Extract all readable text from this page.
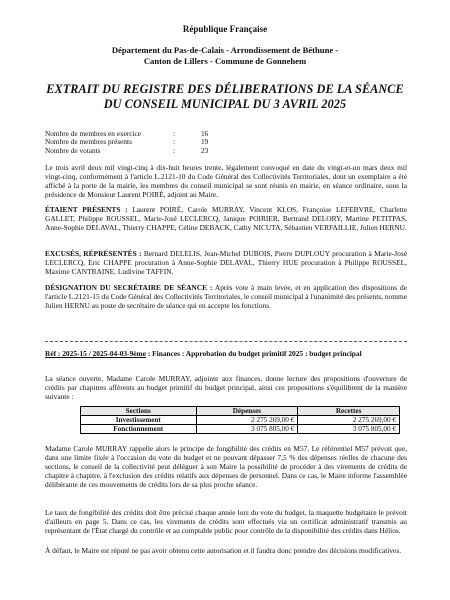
République Française
Département du Pas-de-Calais - Arrondissement de Béthune -
Canton de Lillers - Commune de Gonnehem
EXTRAIT DU REGISTRE DES DÉLIBERATIONS DE LA SÉANCE
DU CONSEIL MUNICIPAL DU 3 AVRIL 2025
Nombre de membres en exercice	:	16
Nombre de membres présents	:	19
Nombre de votants	:	23
Le trois avril deux mil vingt-cinq à dix-huit heures trente, légalement convoqué en date du vingt-et-un mars deux mil vingt-cinq, conformément à l'article L.2121-10 du Code Général des Collectivités Territoriales, dont un exemplaire a été affiché à la porte de la mairie, les membres du conseil municipal se sont réunis en mairie, en séance ordinaire, sous la présidence de Monsieur Laurent POIRÉ, adjoint au Maire.
ÉTAIENT PRÉSENTS : Laurent POIRÉ, Carole MURRAY, Vincent KLOS, Françoise LEFEBVRE, Charlette GALLET, Philippe ROUSSEL, Marie-José LECLERCQ, Janique POIRIER, Bertrand DELORY, Martine PETITPAS, Anne-Sophie DELAVAL, Thierry CHAPPE, Céline DEBACK, Cathy NICUTA, Sébastien VERFAILLIE, Julien HERNU.
EXCUSÉS, RÉPRÉSENTÉS : Bernard DELELIS, Jean-Michel DUBOIS, Pierre DUPLOUY procuration à Marie-José LECLERCQ, Eric CHAPPE procuration à Anne-Sophie DELAVAL, Thierry HUE procuration à Philippe ROUSSEL, Maxime CANTRAINE, Ludivine TAFFIN.
DÉSIGNATION DU SECRÉTAIRE DE SÉANCE : Après vote à main levée, et en application des dispositions de l'article L.2121-15 du Code Général des Collectivités Territoriales, le conseil municipal à l'unanimité des présents, nomme Julien HERNU au poste de secrétaire de séance qui en accepte les fonctions.
Réf : 2025-15 / 2025-04-03-9ème : Finances : Approbation du budget primitif 2025 : budget principal
La séance ouverte, Madame Carole MURRAY, adjointe aux finances, donne lecture des propositions d'ouverture de crédits par chapitres afférents au budget primitif du budget principal, ainsi ces propositions s'équilibrent de la manière suivante :
Sections	Dépenses	Recettes
Investissement	2 275 269,00 €	2 275 269,00 €
Fonctionnement	3 075 805,00 €	3 075 805,00 €
Madame Carole MURRAY rappelle alors le principe de fongibilité des crédits en M57. Le référentiel M57 prévoit que, dans une limite fixée à l'occasion du vote du budget et ne pouvant dépasser 7,5 % des dépenses réelles de chacune des sections, le conseil de la collectivité peut déléguer à son Maire la possibilité de procéder à des virements de crédits de chapitre à chapitre, à l'exclusion des crédits relatifs aux dépenses de personnel. Dans ce cas, le Maire informe l'assemblée délibérante de ces mouvements de crédits lors de sa plus proche séance.
Le taux de fongibilité des crédits doit être précisé chaque année lors du vote du budget, la maquette budgétaire le prévoit d'ailleurs en page 5. Dans ce cas, les virements de crédits sont effectués via un certificat administratif transmis au représentant de l'État chargé du contrôle et au comptable public pour contrôle de la disponibilité des crédits dans Hélios.
À défaut, le Maire est réputé ne pas avoir obtenu cette autorisation et il faudra donc prendre des décisions modificatives.
